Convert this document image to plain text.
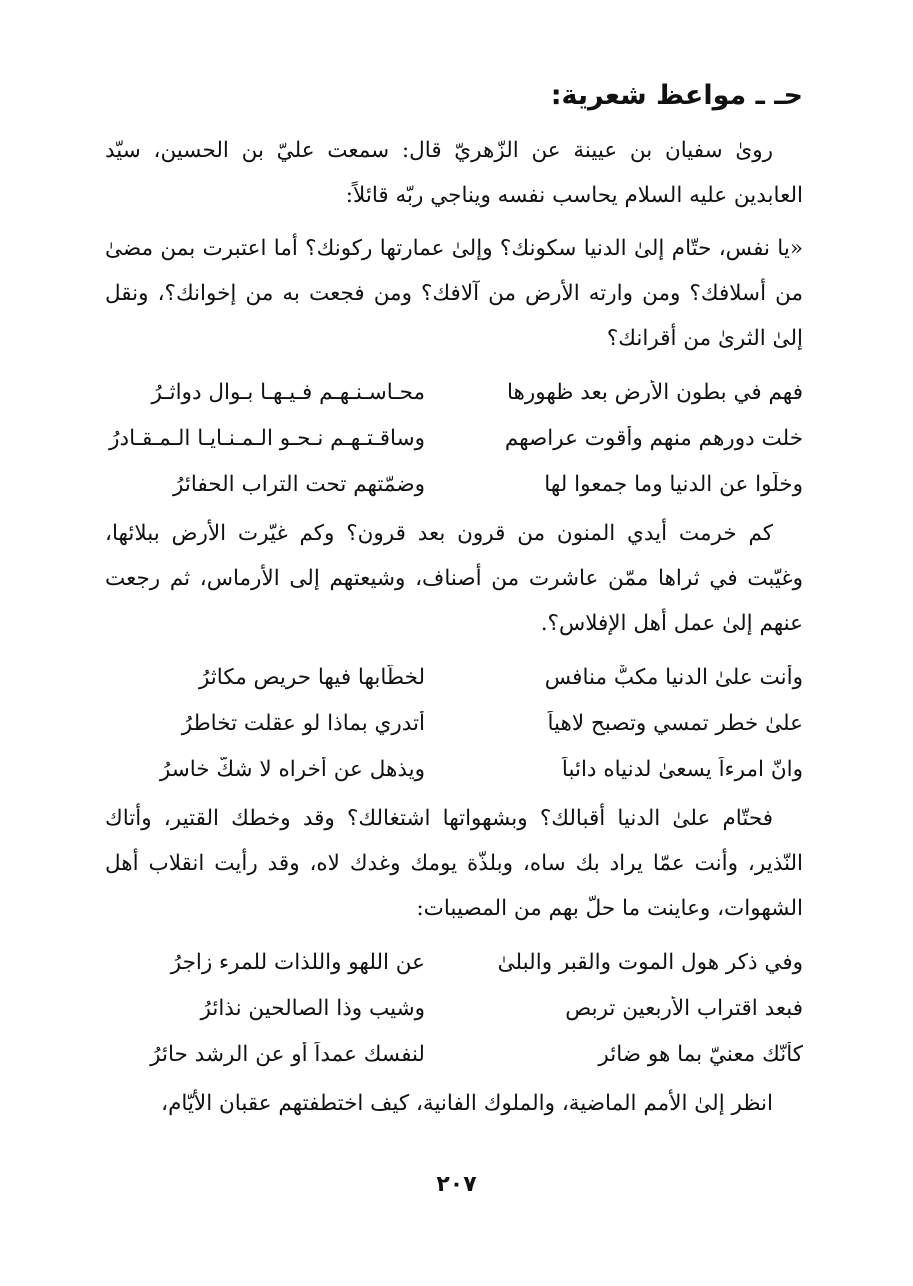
حـ ـ مواعظ شعرية:

روىٰ سفيان بن عيينة عن الزّهريّ قال: سمعت عليّ بن الحسين، سيّد العابدين عليه السلام يحاسب نفسه ويناجي ربّه قائلاً:

«يا نفس، حتّام إلىٰ الدنيا سكونك؟ وإلىٰ عمارتها ركونك؟ أما اعتبرت بمن مضىٰ من أسلافك؟ ومن وارته الأرض من آلافك؟ ومن فجعت به من إخوانك؟، ونقل إلىٰ الثرىٰ من أقرانك؟

فهم في بطون الأرض بعد ظهورها
محـاسـنـهـم فـيـهـا بـوال دواثـرُ
خلت دورهم منهم وأقوت عراصهم
وساقـتـهـم نـحـو الـمـنـايـا الـمـقـادرُ
وخلّوا عن الدنيا وما جمعوا لها
وضمّتهم تحت التراب الحفائرُ

كم خرمت أيدي المنون من قرون بعد قرون؟ وكم غيّرت الأرض ببلائها، وغيّبت في ثراها ممّن عاشرت من أصناف، وشيعتهم إلى الأرماس، ثم رجعت عنهم إلىٰ عمل أهل الإفلاس؟.

وأنت علىٰ الدنيا مكبٌّ منافس
لخطّابها فيها حريص مكاثرُ
علىٰ خطر تمسي وتصبح لاهياً
أتدري بماذا لو عقلت تخاطرُ
وانّ امرءاً يسعىٰ لدنياه دائباً
ويذهل عن أخراه لا شكَّ خاسرُ

فحتّام علىٰ الدنيا أقبالك؟ وبشهواتها اشتغالك؟ وقد وخطك القتير، وأتاك النّذير، وأنت عمّا يراد بك ساه، وبلذّة يومك وغدك لاه، وقد رأيت انقلاب أهل الشهوات، وعاينت ما حلّ بهم من المصيبات:

وفي ذكر هول الموت والقبر والبلىٰ
عن اللهو واللذات للمرء زاجرُ
فبعد اقتراب الأربعين تربص
وشيب وذا الصالحين نذائرُ
كأنّك معنيّ بما هو ضائر
لنفسك عمداً أو عن الرشد حائرُ

انظر إلىٰ الأمم الماضية، والملوك الفانية، كيف اختطفتهم عقبان الأيّام،

٢٠٧
